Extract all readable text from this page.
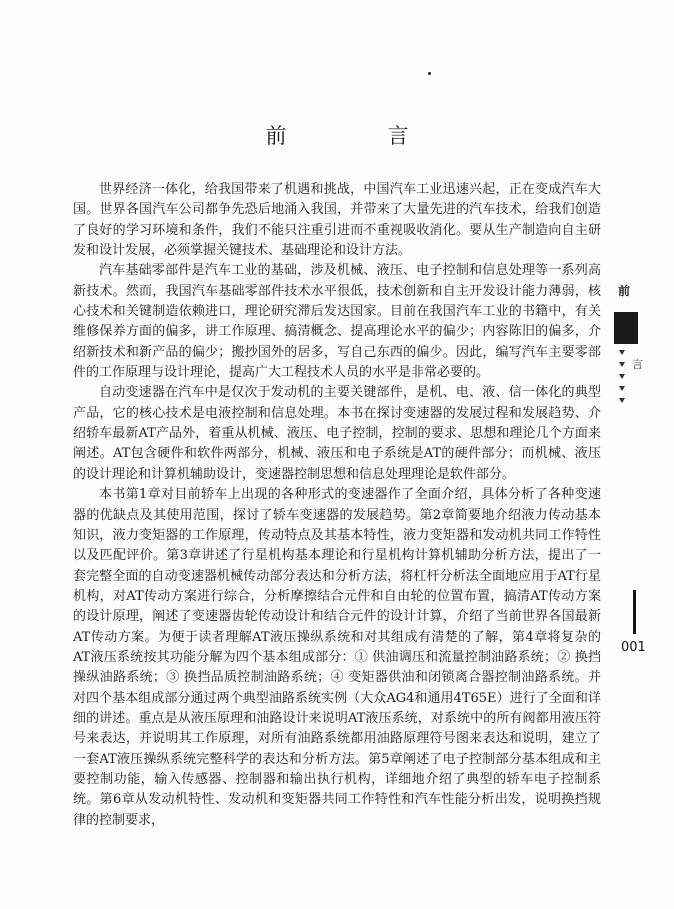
前　言

世界经济一体化，给我国带来了机遇和挑战，中国汽车工业迅速兴起，正在变成汽车大国。世界各国汽车公司都争先恐后地涌入我国，并带来了大量先进的汽车技术，给我们创造了良好的学习环境和条件，我们不能只注重引进而不重视吸收消化。要从生产制造向自主研发和设计发展，必须掌握关键技术、基础理论和设计方法。

汽车基础零部件是汽车工业的基础，涉及机械、液压、电子控制和信息处理等一系列高新技术。然而，我国汽车基础零部件技术水平很低，技术创新和自主开发设计能力薄弱，核心技术和关键制造依赖进口，理论研究滞后发达国家。目前在我国汽车工业的书籍中，有关维修保养方面的偏多，讲工作原理、搞清概念、提高理论水平的偏少；内容陈旧的偏多，介绍新技术和新产品的偏少；搬抄国外的居多，写自己东西的偏少。因此，编写汽车主要零部件的工作原理与设计理论，提高广大工程技术人员的水平是非常必要的。

自动变速器在汽车中是仅次于发动机的主要关键部件，是机、电、液、信一体化的典型产品，它的核心技术是电液控制和信息处理。本书在探讨变速器的发展过程和发展趋势、介绍轿车最新AT产品外，着重从机械、液压、电子控制，控制的要求、思想和理论几个方面来阐述。AT包含硬件和软件两部分，机械、液压和电子系统是AT的硬件部分；而机械、液压的设计理论和计算机辅助设计，变速器控制思想和信息处理理论是软件部分。

本书第1章对目前轿车上出现的各种形式的变速器作了全面介绍，具体分析了各种变速器的优缺点及其使用范围，探讨了轿车变速器的发展趋势。第2章简要地介绍液力传动基本知识，液力变矩器的工作原理，传动特点及其基本特性，液力变矩器和发动机共同工作特性以及匹配评价。第3章讲述了行星机构基本理论和行星机构计算机辅助分析方法，提出了一套完整全面的自动变速器机械传动部分表达和分析方法，将杠杆分析法全面地应用于AT行星机构，对AT传动方案进行综合，分析摩擦结合元件和自由轮的位置布置，搞清AT传动方案的设计原理，阐述了变速器齿轮传动设计和结合元件的设计计算，介绍了当前世界各国最新AT传动方案。为便于读者理解AT液压操纵系统和对其组成有清楚的了解，第4章将复杂的AT液压系统按其功能分解为四个基本组成部分：① 供油调压和流量控制油路系统；② 换挡操纵油路系统；③ 换挡品质控制油路系统；④ 变矩器供油和闭锁离合器控制油路系统。并对四个基本组成部分通过两个典型油路系统实例（大众AG4和通用4T65E）进行了全面和详细的讲述。重点是从液压原理和油路设计来说明AT液压系统，对系统中的所有阀都用液压符号来表达，并说明其工作原理，对所有油路系统都用油路原理符号图来表达和说明，建立了一套AT液压操纵系统完整科学的表达和分析方法。第5章阐述了电子控制部分基本组成和主要控制功能，输入传感器、控制器和输出执行机构，详细地介绍了典型的轿车电子控制系统。第6章从发动机特性、发动机和变矩器共同工作特性和汽车性能分析出发，说明换挡规律的控制要求，

前
言
001
